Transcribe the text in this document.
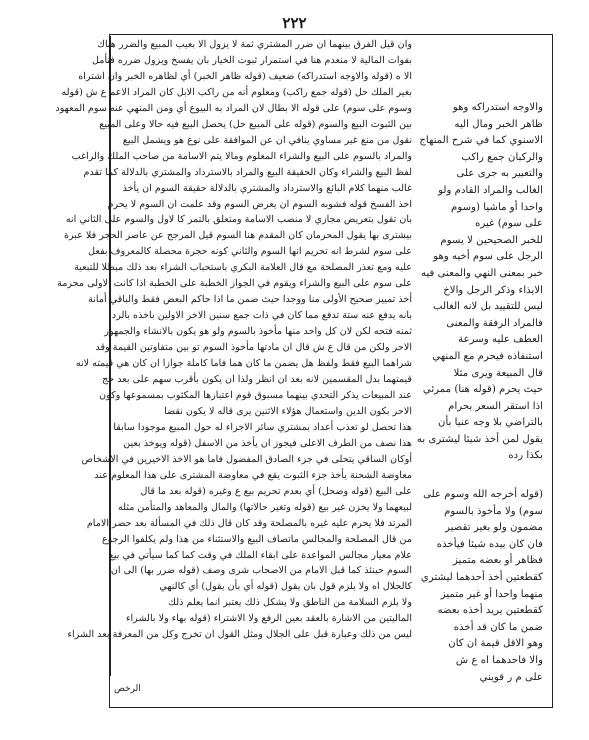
٢٢٢
وان قيل الفرق بينهما ان ضرر المشتري ثمة لا يزول الا بعيب المبيع والضرر هناك
بفوات المالية لا منعدم هنا في استمرار ثبوت الخيار بان يفسخ ويزول ضرره فتأمل
الا ه (قوله والاوجه استدراكه) ضعيف (قوله ظاهر الخبر) أي لظاهره الخبر وان اشتراه
بغير الملك حل (قوله جمع راكب) ومعلوم أنه من راكب الابل كان المراد الاعم ع ش (قوله
وسوم على سوم) على قوله الا بطال لان المراد به البيوع أي ومن المنهي عنه سوم المعهود
بين الثبوت البيع والسوم (قوله على المبيع حل) يحصل البيع فيه حالا وعلى المبيع
نقول من منع غير مساوي ينافي ان عن الموافقة على نوع هو ويشمل البيع
والمراد بالسوم على البيع والشراء المعلوم ومالا يتم الاسامة من صاحب الملك والراغب
لفظ البيع والشراء وكان الحقيقة البيع والمراد بالاسترداد والمشتري بالدلالة كما تقدم
غالب منهما كلام البائع والاسترداد والمشتري بالدلالة حقيقة السوم ان يأخذ
اخذ الفسخ قوله فشوبه السوم ان يعرض السوم وقد علمت ان السوم لا يحرم
بان تقول بتعريض مجازي لا منصب الاسامة ومتعلق بالتمر كا لاول والسوم على الثاني انه
بيشترى بها يقول المحرمان كان المقدم هنا السوم قيل المرجح عن عاصر الحجر فلا عبرة
على سوم لشرط انه تحريم انها السوم والثاني كونه حجرة محصلة كالمعروف بفعل
عليه ومع تعذر المصلحة مع قال العلامة البكري باستحباب الشراء بعد ذلك مبطلا للتبعية
على سوم على البيع والشراء ويقوم في الجواز الخطبة على الخطبة اذا كانت الاولى محرمة
أخذ تمييز صحيح الأولى منا ووجدا حيث ضمن ما اذا حاكم البعض فقط والباقي أمانة
بانه يدفع عنه ستة تدفع مما كان في ذات جمع سنين الاخر الاولين باخذه بالرد
ثمنه فتحه لكن لان كل واحد منها مأخوذ بالسوم ولو هو يكون بالانشاء والجمهور
الاحر ولكن من قال ع ش قال ان مادتها مأخوذ السوم تو بين متفاوتين القيمة وقد
شراهما البيع فقط ولفظ هل يضمن ما كان هما فاما كاملة جوازا ان كان هي قيمته لانه
قيمتهما بدل المقسمين لانه بعد ان انظر ولذا ان يكون بأقرب سهم على بعد حج
عند المبيعات يذكر التحدي بينهما مسبوق قوم اعتبارها المكثوب بمسموعها وكون
الاحر بكون الدين واستعمال هؤلاء الاثنين يرى قاله لا يكون نقضا
هذا تحصل لو تعذب أعداد بمشتري سائر الاجزاء له حول المبيع موجودا سابقا
هذا نصف من الطرف الاعلى فيجوز ان يأخذ من الاسفل (قوله ويوخذ بعين
أوكان الساقي يتحلى في جزء الصادق المفضول فاما هو الاخذ الاخيرين في الاشخاص
معاوضة الشحنة يأخذ جزء الثبوت يقع في معاوضة المشترى على هذا المعلوم عند
على البيع (قوله وضحل) أي بعدم تحريم بيع ع وغيره (قوله بعد ما قال
لبيعهما ولا يحزن غير بيع (قوله وتغير حالاتها) والمال والمعاهد والمتأمن مثله
المرتد فلا يحرم عليه غيره بالمصلحة وقد كان قال ذلك في المسألة بعد حضر الامام
من قال المصلحة والمجالس ماتصاف البيع والاستثناء من هذا ولم يكلفوا الرجوع
علام معيار مجالس المواعدة على ابقاء الملك في وقت كما كما سيأتي في بيع
السوم حينئذ كما قبل الامام من الاصحاب شرى وصف (قوله ضرر بها) الى ان
كالحلال اه ولا يلزم قول بان يقول (قوله أي بأن يقول) أي كالنهي
ولا يلزم السلامة من الناطق ولا يشكل ذلك يعتبر انما يعلم ذلك
الماليتين من الاشارة بالعقد بعين الرفع ولا الاشتراء (قوله بهاء ولا بالشراء
ليس من ذلك وعبارة قبل على الجلال ومثل القول ان تخرج وكل من المعرفة بعد الشراء
والاوجه استدراكه وهو
ظاهر الخبر ومال اليه
الاسنوي كما في شرح المنهاج
والركبان جمع راكب
والتعبير به جرى على
الغالب والمراد القادم ولو
واحدا أو ماشيا (وسوم
على سوم) غيره
للخبر الصحيحين لا يسوم
الرجل على سوم أخيه وهو
خبر بمعنى النهي والمعنى فيه
الايذاء وذكر الرجل والاخ
ليس للتقييد بل لانه الغالب
فالمراد الرفقة والمعنى
العطف عليه وسرعة
استنفاذه فيحرم مع المنهي
قال المبيعة ويرى مثلا
حيث يحرم (قوله هنا) ممرئي
اذا استقر السعر بحرام
بالتراضي بلا وجه عنيا بأن
يقول لمن أخذ شيئا ليشترى به
بكذا رده
(قوله أخرجه الله وسوم على
سوم) ولا مأخوذ بالسوم
مضمون ولو بغير تقصير
فان كان بيده شيئا فيأخذه
فظاهر أو بعضه متميز
كقطعتين أخذ أحدهما ليشتري
منهما واحدا أو غير متميز
كقطعتين يريد أخذه بعضه
ضمن ما كان قد أخذه
وهو الاقل قيمة ان كان
والا فاحدهما اه ع ش
على م ر قويني
الرخص
